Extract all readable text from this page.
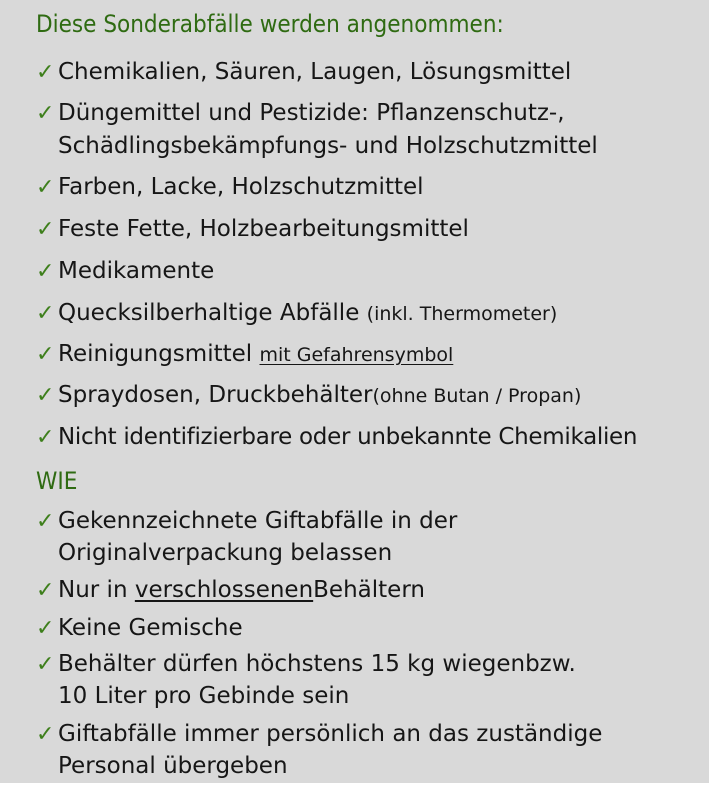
Diese Sonderabfälle werden angenommen:
✓ Chemikalien, Säuren, Laugen, Lösungsmittel
✓ Düngemittel und Pestizide: Pflanzenschutz-,
Schädlingsbekämpfungs- und Holzschutzmittel
✓ Farben, Lacke, Holzschutzmittel
✓ Feste Fette, Holzbearbeitungsmittel
✓ Medikamente
✓ Quecksilberhaltige Abfälle (inkl. Thermometer)
✓ Reinigungsmittel mit Gefahrensymbol
✓ Spraydosen, Druckbehälter(ohne Butan / Propan)
✓ Nicht identifizierbare oder unbekannte Chemikalien
WIE
✓ Gekennzeichnete Giftabfälle in der
Originalverpackung belassen
✓ Nur in verschlossenenBehältern
✓ Keine Gemische
✓ Behälter dürfen höchstens 15 kg wiegenbzw.
10 Liter pro Gebinde sein
✓ Giftabfälle immer persönlich an das zuständige
Personal übergeben
